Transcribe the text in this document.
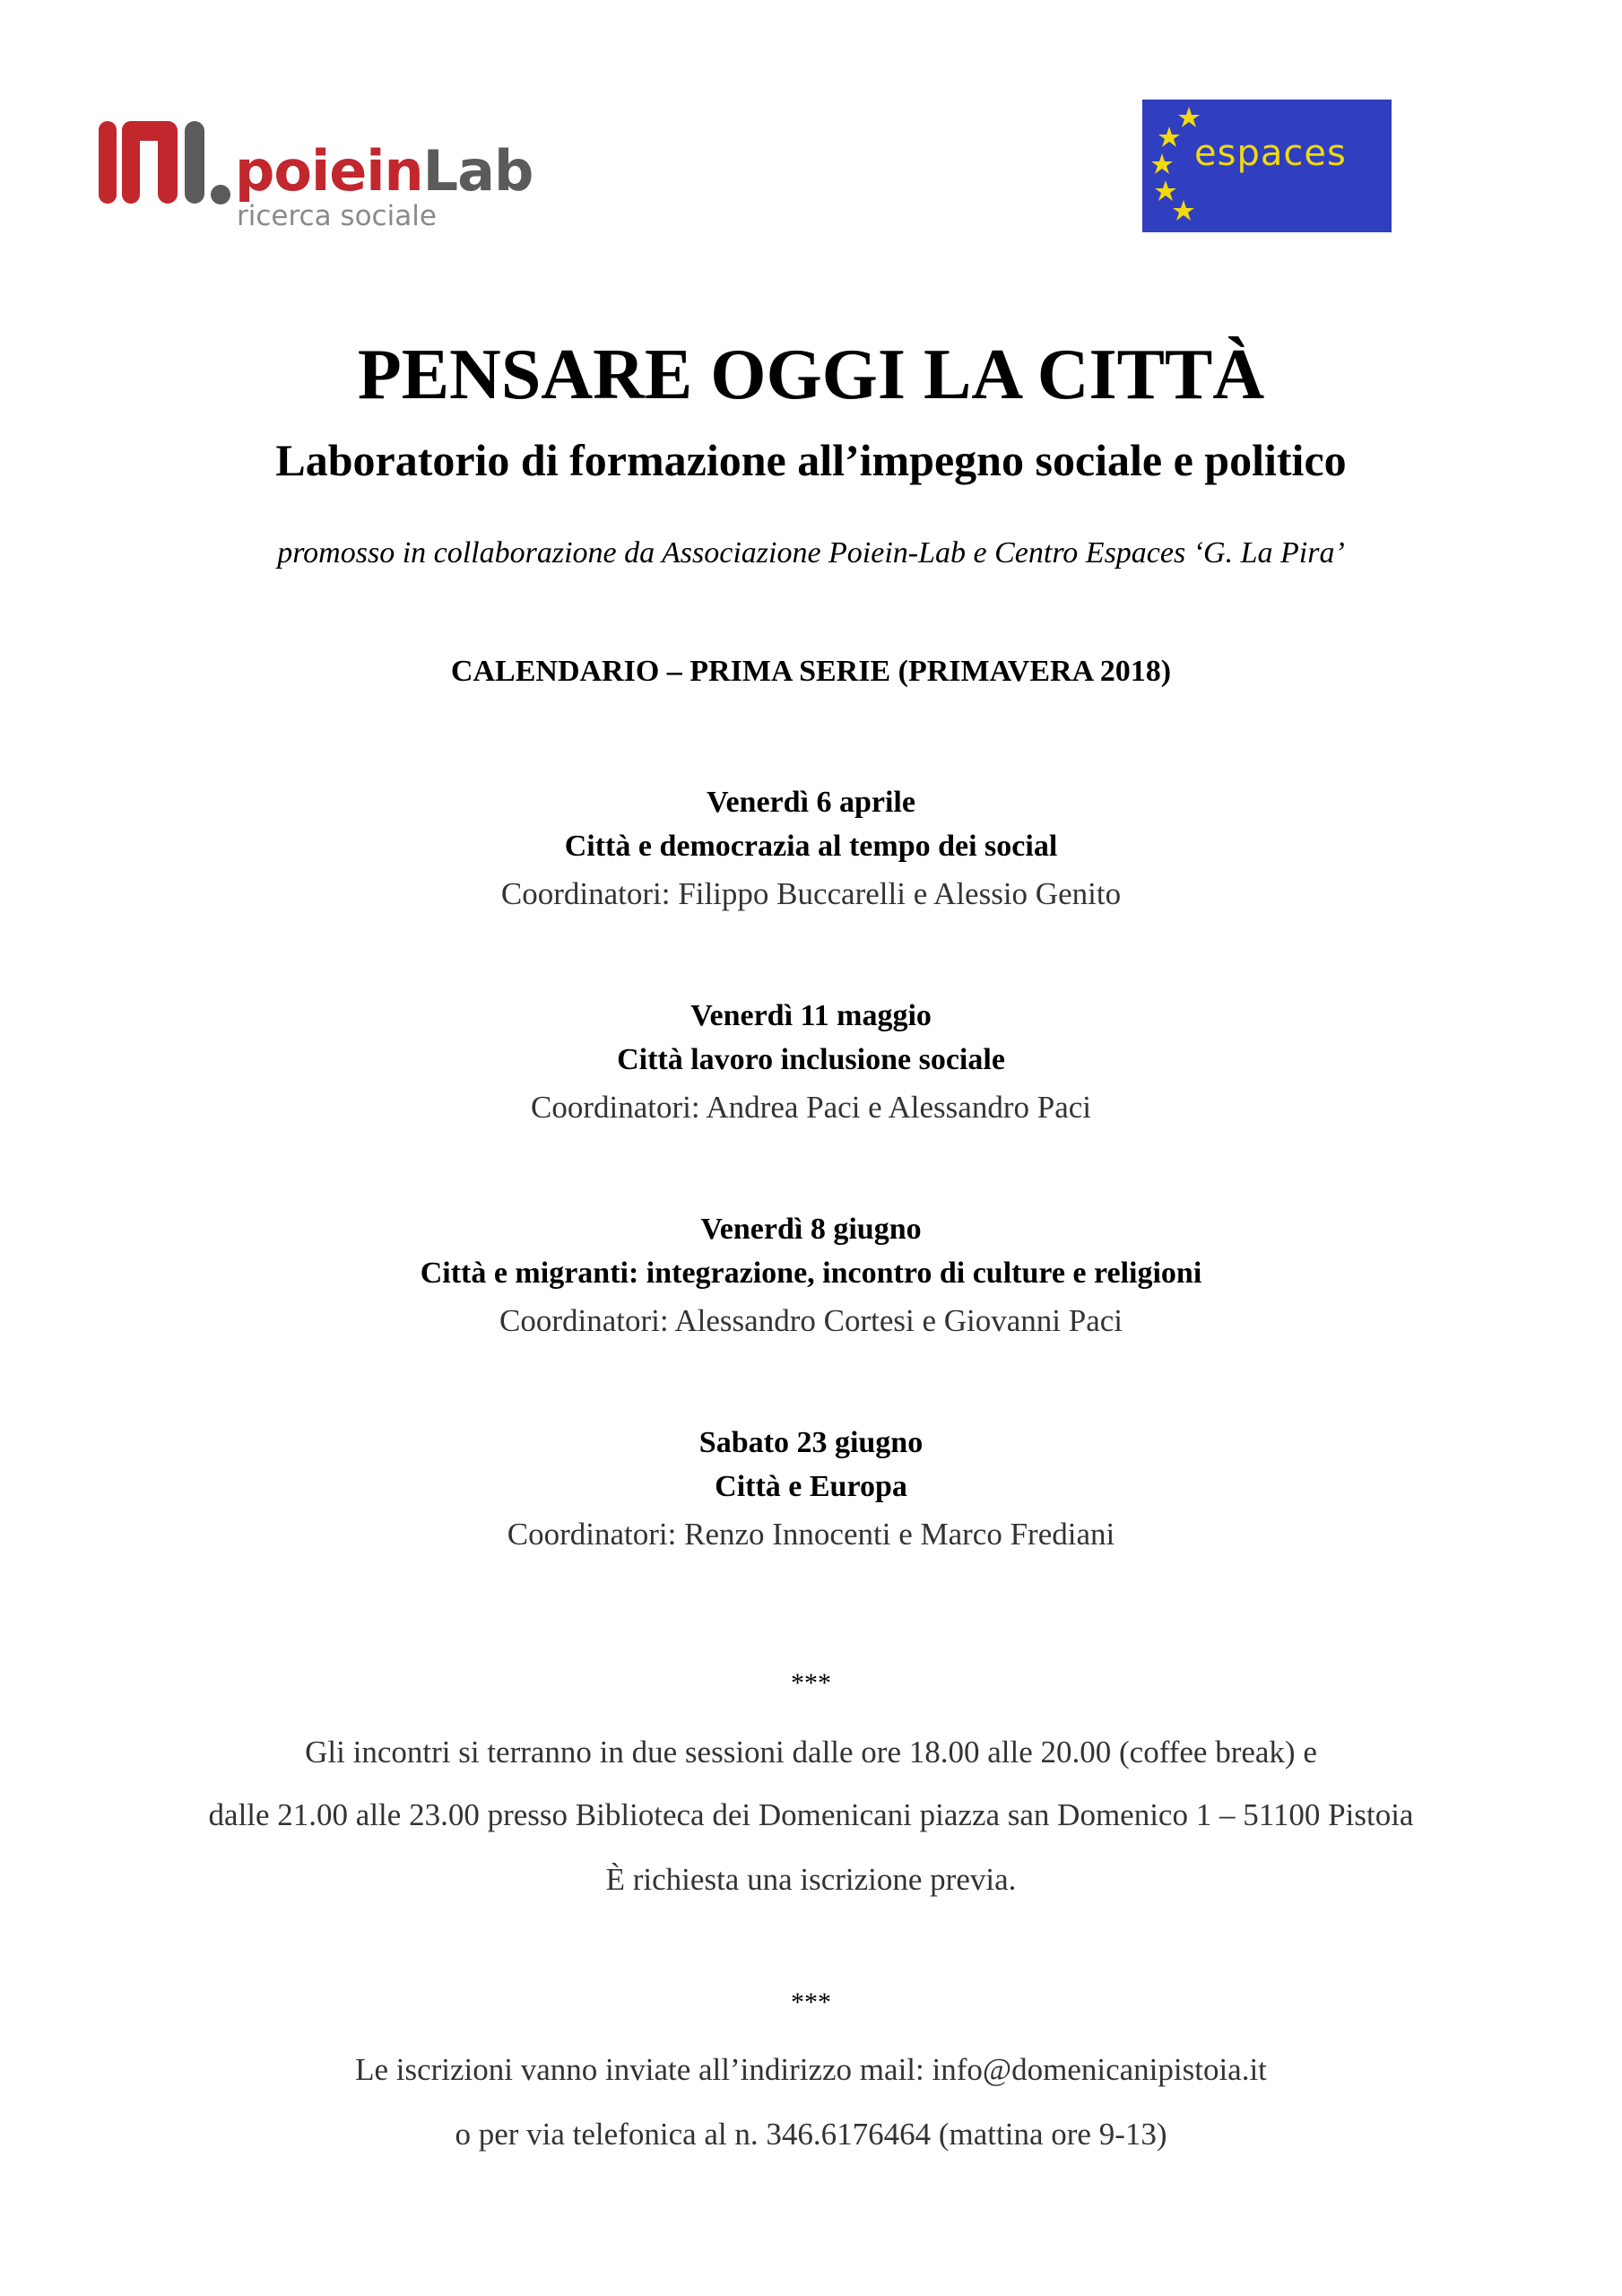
poieinLab
ricerca sociale
espaces
PENSARE OGGI LA CITTÀ
Laboratorio di formazione all’impegno sociale e politico
promosso in collaborazione da Associazione Poiein-Lab e Centro Espaces ‘G. La Pira’
CALENDARIO – PRIMA SERIE (PRIMAVERA 2018)
Venerdì 6 aprile
Città e democrazia al tempo dei social
Coordinatori: Filippo Buccarelli e Alessio Genito
Venerdì 11 maggio
Città lavoro inclusione sociale
Coordinatori: Andrea Paci e Alessandro Paci
Venerdì 8 giugno
Città e migranti: integrazione, incontro di culture e religioni
Coordinatori: Alessandro Cortesi e Giovanni Paci
Sabato 23 giugno
Città e Europa
Coordinatori: Renzo Innocenti e Marco Frediani
***
Gli incontri si terranno in due sessioni dalle ore 18.00 alle 20.00 (coffee break) e
dalle 21.00 alle 23.00 presso Biblioteca dei Domenicani piazza san Domenico 1 – 51100 Pistoia
È richiesta una iscrizione previa.
***
Le iscrizioni vanno inviate all’indirizzo mail: info@domenicanipistoia.it
o per via telefonica al n. 346.6176464 (mattina ore 9-13)
